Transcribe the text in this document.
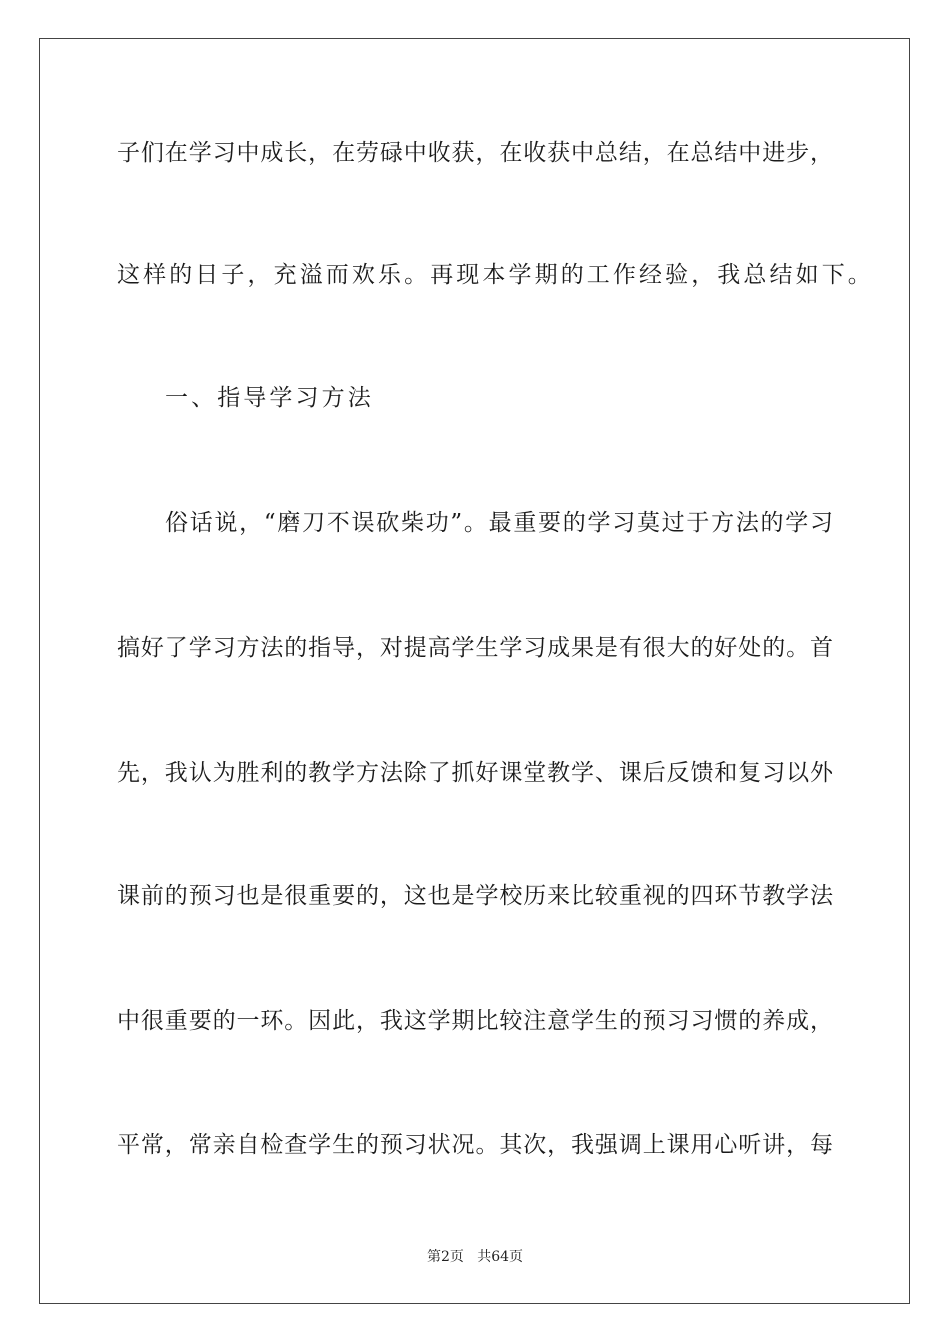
子们在学习中成长，在劳碌中收获，在收获中总结，在总结中进步，
这样的日子，充溢而欢乐。再现本学期的工作经验，我总结如下。
一、指导学习方法
俗话说，“磨刀不误砍柴功”。最重要的学习莫过于方法的学习
搞好了学习方法的指导，对提高学生学习成果是有很大的好处的。首
先，我认为胜利的教学方法除了抓好课堂教学、课后反馈和复习以外
课前的预习也是很重要的，这也是学校历来比较重视的四环节教学法
中很重要的一环。因此，我这学期比较注意学生的预习习惯的养成，
平常，常亲自检查学生的预习状况。其次，我强调上课用心听讲，每
第2页   共64页
